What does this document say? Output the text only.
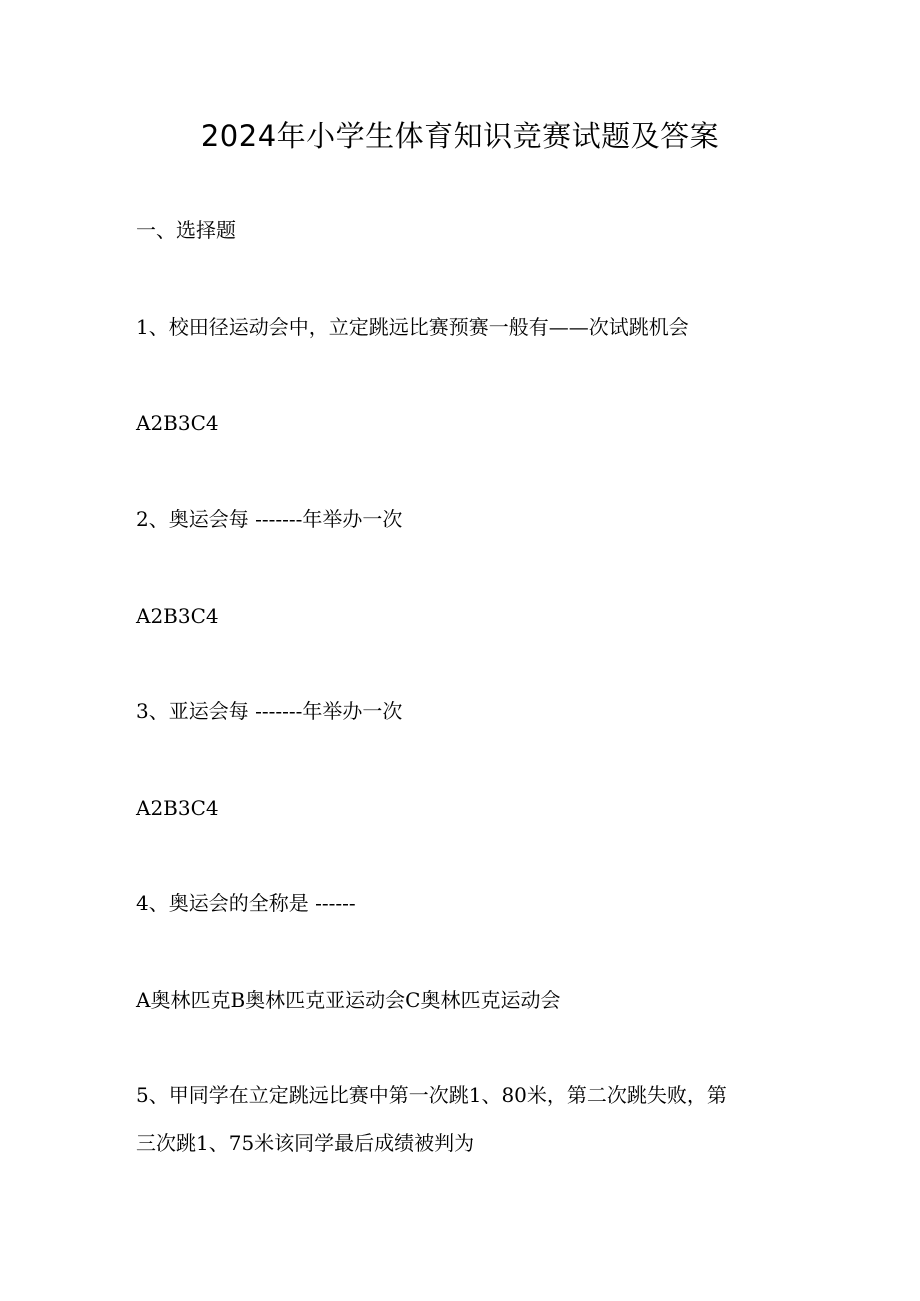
2024年小学生体育知识竞赛试题及答案

一、选择题

1、校田径运动会中，立定跳远比赛预赛一般有——次试跳机会

A2B3C4

2、奥运会每 -------年举办一次

A2B3C4

3、亚运会每 -------年举办一次

A2B3C4

4、奥运会的全称是 ------

A奥林匹克B奥林匹克亚运动会C奥林匹克运动会

5、甲同学在立定跳远比赛中第一次跳1、80米，第二次跳失败，第

三次跳1、75米该同学最后成绩被判为
